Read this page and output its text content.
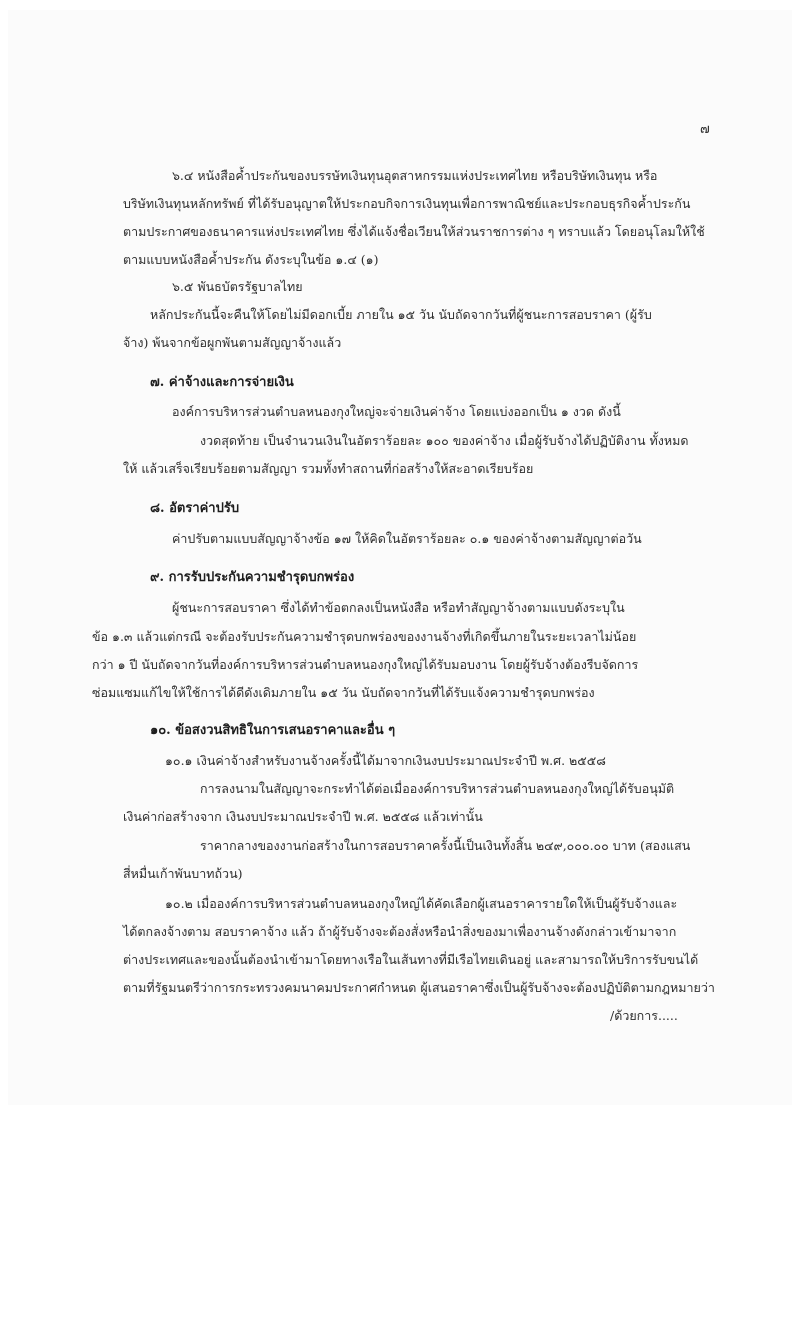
๗
๖.๔ หนังสือค้ำประกันของบรรษัทเงินทุนอุตสาหกรรมแห่งประเทศไทย หรือบริษัทเงินทุน หรือ
บริษัทเงินทุนหลักทรัพย์ ที่ได้รับอนุญาตให้ประกอบกิจการเงินทุนเพื่อการพาณิชย์และประกอบธุรกิจค้ำประกัน
ตามประกาศของธนาคารแห่งประเทศไทย ซึ่งได้แจ้งชื่อเวียนให้ส่วนราชการต่าง ๆ ทราบแล้ว โดยอนุโลมให้ใช้
ตามแบบหนังสือค้ำประกัน ดังระบุในข้อ ๑.๔ (๑)
๖.๕ พันธบัตรรัฐบาลไทย
หลักประกันนี้จะคืนให้โดยไม่มีดอกเบี้ย ภายใน ๑๕ วัน นับถัดจากวันที่ผู้ชนะการสอบราคา (ผู้รับ
จ้าง) พ้นจากข้อผูกพันตามสัญญาจ้างแล้ว
๗. ค่าจ้างและการจ่ายเงิน
องค์การบริหารส่วนตำบลหนองกุงใหญ่จะจ่ายเงินค่าจ้าง โดยแบ่งออกเป็น ๑ งวด ดังนี้
งวดสุดท้าย เป็นจำนวนเงินในอัตราร้อยละ ๑๐๐ ของค่าจ้าง เมื่อผู้รับจ้างได้ปฏิบัติงาน ทั้งหมด
ให้ แล้วเสร็จเรียบร้อยตามสัญญา รวมทั้งทำสถานที่ก่อสร้างให้สะอาดเรียบร้อย
๘. อัตราค่าปรับ
ค่าปรับตามแบบสัญญาจ้างข้อ ๑๗ ให้คิดในอัตราร้อยละ ๐.๑ ของค่าจ้างตามสัญญาต่อวัน
๙. การรับประกันความชำรุดบกพร่อง
ผู้ชนะการสอบราคา ซึ่งได้ทำข้อตกลงเป็นหนังสือ หรือทำสัญญาจ้างตามแบบดังระบุใน
ข้อ ๑.๓ แล้วแต่กรณี จะต้องรับประกันความชำรุดบกพร่องของงานจ้างที่เกิดขึ้นภายในระยะเวลาไม่น้อย
กว่า ๑ ปี นับถัดจากวันที่องค์การบริหารส่วนตำบลหนองกุงใหญ่ได้รับมอบงาน โดยผู้รับจ้างต้องรีบจัดการ
ซ่อมแซมแก้ไขให้ใช้การได้ดีดังเดิมภายใน ๑๕ วัน นับถัดจากวันที่ได้รับแจ้งความชำรุดบกพร่อง
๑๐. ข้อสงวนสิทธิในการเสนอราคาและอื่น ๆ
๑๐.๑ เงินค่าจ้างสำหรับงานจ้างครั้งนี้ได้มาจากเงินงบประมาณประจำปี พ.ศ. ๒๕๕๘
การลงนามในสัญญาจะกระทำได้ต่อเมื่อองค์การบริหารส่วนตำบลหนองกุงใหญ่ได้รับอนุมัติ
เงินค่าก่อสร้างจาก เงินงบประมาณประจำปี พ.ศ. ๒๕๕๘ แล้วเท่านั้น
ราคากลางของงานก่อสร้างในการสอบราคาครั้งนี้เป็นเงินทั้งสิ้น ๒๔๙,๐๐๐.๐๐ บาท (สองแสน
สี่หมื่นเก้าพันบาทถ้วน)
๑๐.๒ เมื่อองค์การบริหารส่วนตำบลหนองกุงใหญ่ได้คัดเลือกผู้เสนอราคารายใดให้เป็นผู้รับจ้างและ
ได้ตกลงจ้างตาม สอบราคาจ้าง แล้ว ถ้าผู้รับจ้างจะต้องสั่งหรือนำสิ่งของมาเพื่องานจ้างดังกล่าวเข้ามาจาก
ต่างประเทศและของนั้นต้องนำเข้ามาโดยทางเรือในเส้นทางที่มีเรือไทยเดินอยู่ และสามารถให้บริการรับขนได้
ตามที่รัฐมนตรีว่าการกระทรวงคมนาคมประกาศกำหนด ผู้เสนอราคาซึ่งเป็นผู้รับจ้างจะต้องปฏิบัติตามกฎหมายว่า
/ด้วยการ.....
